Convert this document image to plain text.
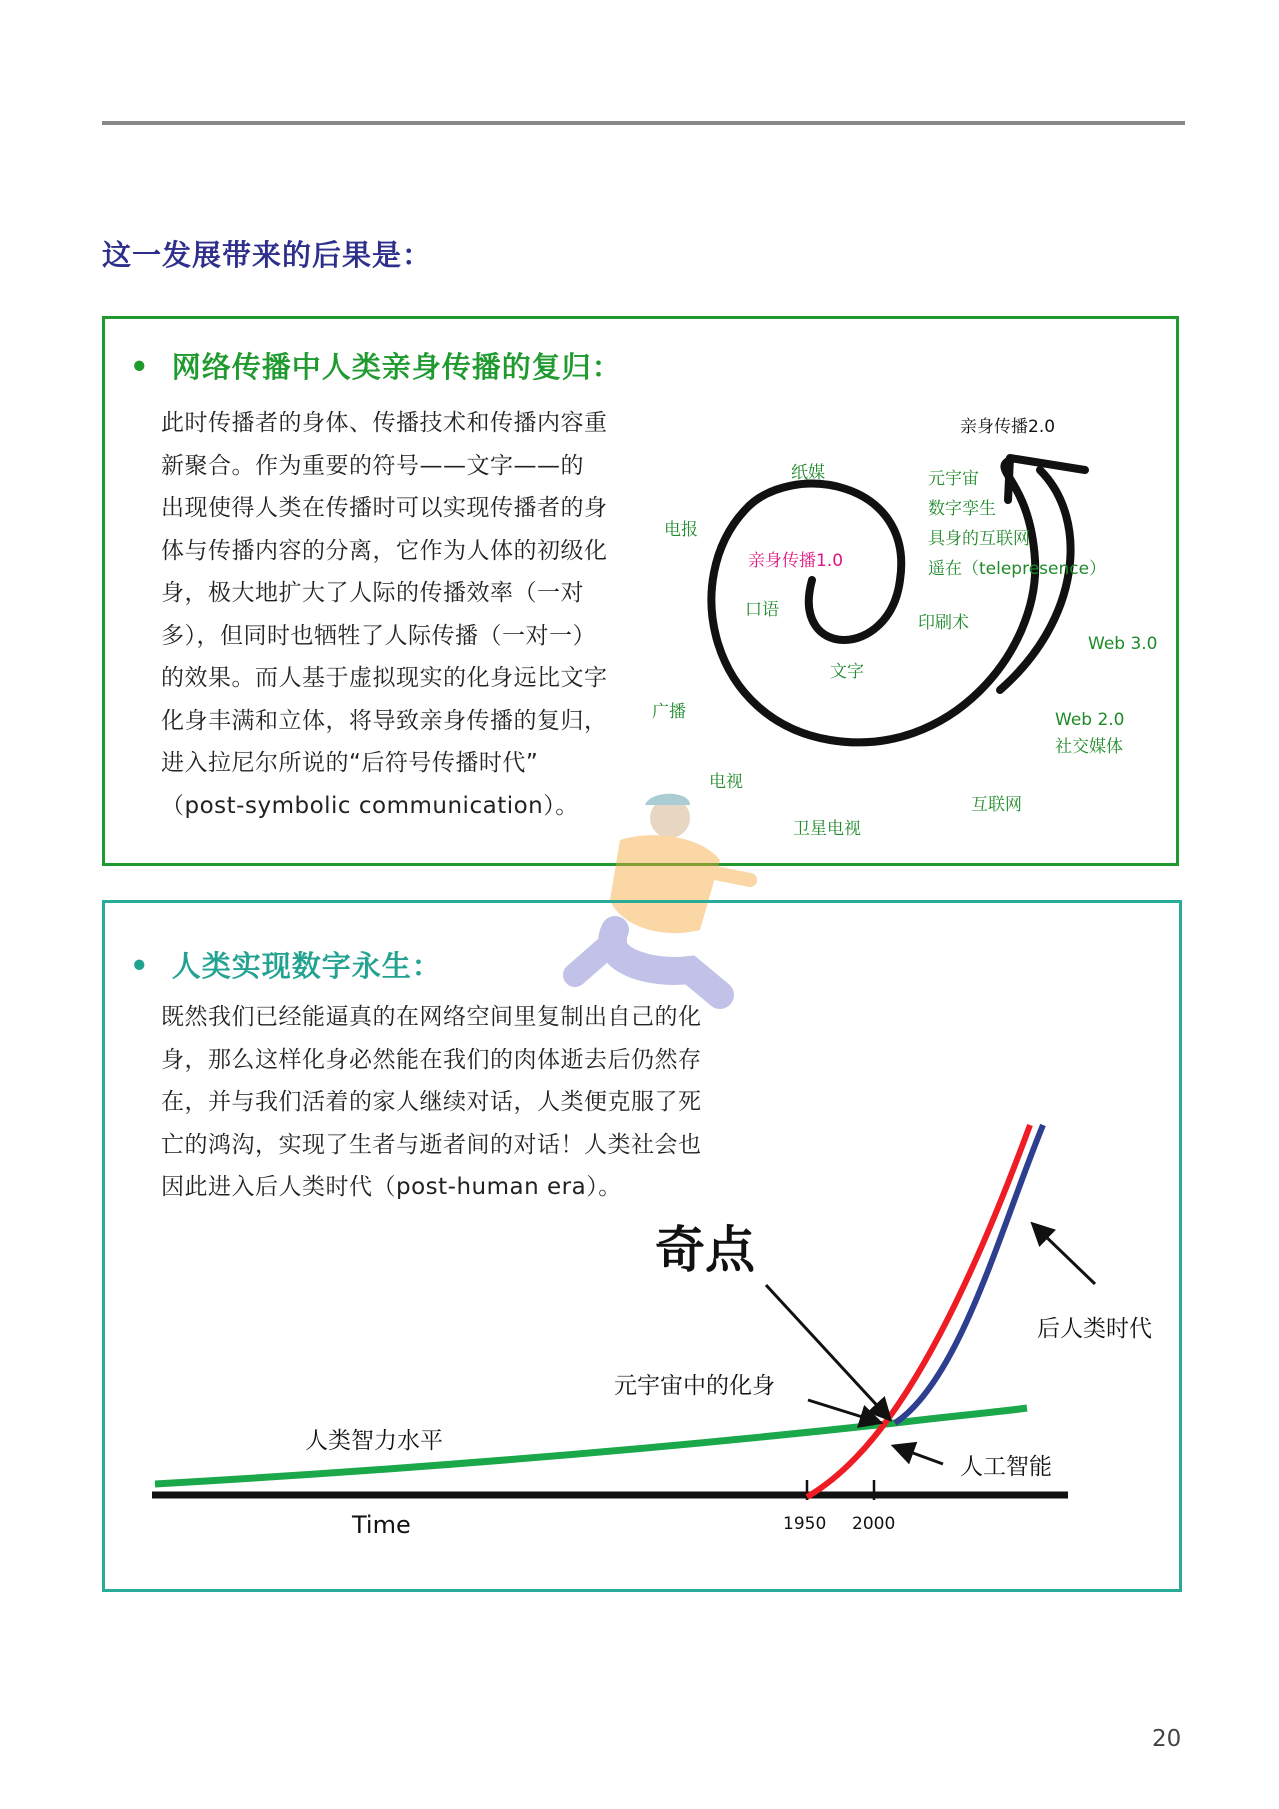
这一发展带来的后果是：
• 网络传播中人类亲身传播的复归：
此时传播者的身体、传播技术和传播内容重
新聚合。作为重要的符号——文字——的
出现使得人类在传播时可以实现传播者的身
体与传播内容的分离，它作为人体的初级化
身，极大地扩大了人际的传播效率（一对
多），但同时也牺牲了人际传播（一对一）
的效果。而人基于虚拟现实的化身远比文字
化身丰满和立体，将导致亲身传播的复归，
进入拉尼尔所说的“后符号传播时代”
（post-symbolic communication）。
亲身传播2.0
亲身传播1.0
口语
文字
印刷术
纸媒
电报
广播
电视
卫星电视
互联网
Web 2.0
社交媒体
Web 3.0
元宇宙
数字孪生
具身的互联网
遥在（telepresence）
• 人类实现数字永生：
既然我们已经能逼真的在网络空间里复制出自己的化
身，那么这样化身必然能在我们的肉体逝去后仍然存
在，并与我们活着的家人继续对话，人类便克服了死
亡的鸿沟，实现了生者与逝者间的对话！人类社会也
因此进入后人类时代（post-human era）。
奇点
元宇宙中的化身
后人类时代
人工智能
人类智力水平
Time	1950 2000
20
